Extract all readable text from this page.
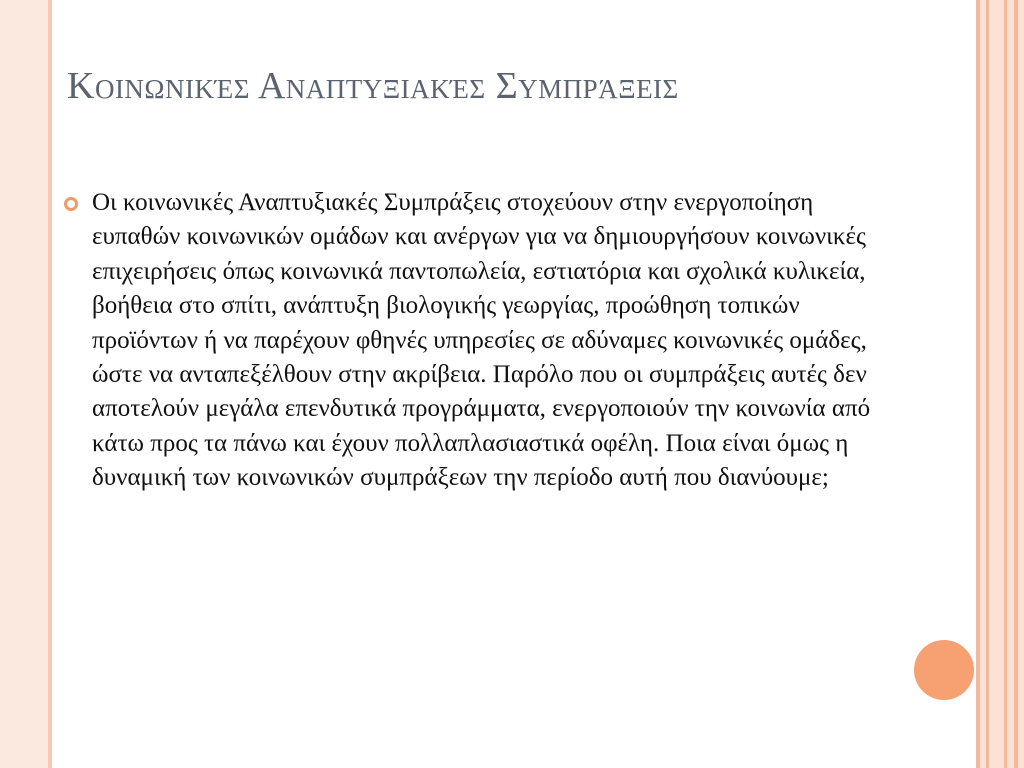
Κοινωνικές Αναπτυξιακές Συμπράξεις

Οι κοινωνικές Αναπτυξιακές Συμπράξεις στοχεύουν στην ενεργοποίηση ευπαθών κοινωνικών ομάδων και ανέργων για να δημιουργήσουν κοινωνικές επιχειρήσεις όπως κοινωνικά παντοπωλεία, εστιατόρια και σχολικά κυλικεία, βοήθεια στο σπίτι, ανάπτυξη βιολογικής γεωργίας, προώθηση τοπικών προϊόντων ή να παρέχουν φθηνές υπηρεσίες σε αδύναμες κοινωνικές ομάδες, ώστε να ανταπεξέλθουν στην ακρίβεια. Παρόλο που οι συμπράξεις αυτές δεν αποτελούν μεγάλα επενδυτικά προγράμματα, ενεργοποιούν την κοινωνία από κάτω προς τα πάνω και έχουν πολλαπλασιαστικά οφέλη. Ποια είναι όμως η δυναμική των κοινωνικών συμπράξεων την περίοδο αυτή που διανύουμε;
